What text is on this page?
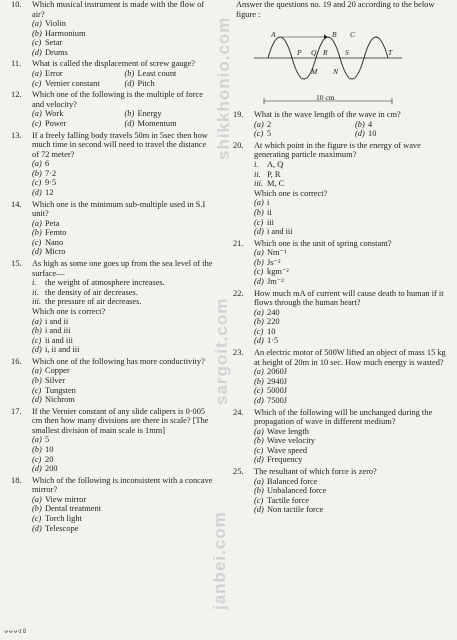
10.	Which musical instrument is made with the flow of air?
(a) Violin
(b) Harmonium
(c) Setar
(d) Drums
11.	What is called the displacement of screw gauge?
(a) Error	(b) Least count
(c) Vernier constant	(d) Pitch
12.	Which one of the following is the multiple of force and velocity?
(a) Work	(b) Energy
(c) Power	(d) Momentum
13.	If a freely falling body travels 50m in 5sec then how much time in second will need to travel the distance of 72 meter?
(a) 6
(b) 7·2
(c) 9·5
(d) 12
14.	Which one is the minimum sub-multiple used in S.I unit?
(a) Peta
(b) Femto
(c) Nano
(d) Micro
15.	As high as some one goes up from the sea level of the surface—
i. the weight of atmosphere increases.
ii. the density of air decreases.
iii. the pressure of air decreases.
Which one is correct?
(a) i and ii
(b) i and iii
(c) ii and iii
(d) i, ii and iii
16.	Which one of the following has more conductivity?
(a) Copper
(b) Silver
(c) Tungsten
(d) Nichrom
17.	If the Vernier constant of any slide calipers is 0·005 cm then how many divisions are there in scale? [The smallest division of main scale is 1mm]
(a) 5
(b) 10
(c) 20
(d) 200
18.	Which of the following is inconsistent with a concave mirror?
(a) View mirror
(b) Dental treatment
(c) Torch light
(d) Telescope
Answer the questions no. 19 and 20 according to the below figure :
A	B C
P Q R S	T
M N
10 cm
19.	What is the wave length of the wave in cm?
(a) 2	(b) 4
(c) 5	(d) 10
20.	At which point in the figure is the energy of wave generating particle maximum?
i. A, Q
ii. P, R
iii. M, C
Which one is correct?
(a) i
(b) ii
(c) iii
(d) i and iii
21.	Which one is the unit of spring constant?
(a) Nm⁻¹
(b) Js⁻²
(c) kgm⁻²
(d) Jm⁻²
22.	How much mA of current will cause death to human if it flows through the human heart?
(a) 240
(b) 220
(c) 10
(d) 1·5
23.	An electric motor of 500W lifted an object of mass 15 kg at height of 20m in 10 sec. How much energy is wasted?
(a) 2060J
(b) 2940J
(c) 5000J
(d) 7500J
24.	Which of the following will be unchanged during the propagation of wave in different medium?
(a) Wave length
(b) Wave velocity
(c) Wave speed
(d) Frequency
25.	The resultant of which force is zero?
(a) Balanced force
(b) Unbalanced force
(c) Tactile force
(d) Non tactile force
shikkhonio.com
sargoit.com
janbei.com
০০০৫৪
